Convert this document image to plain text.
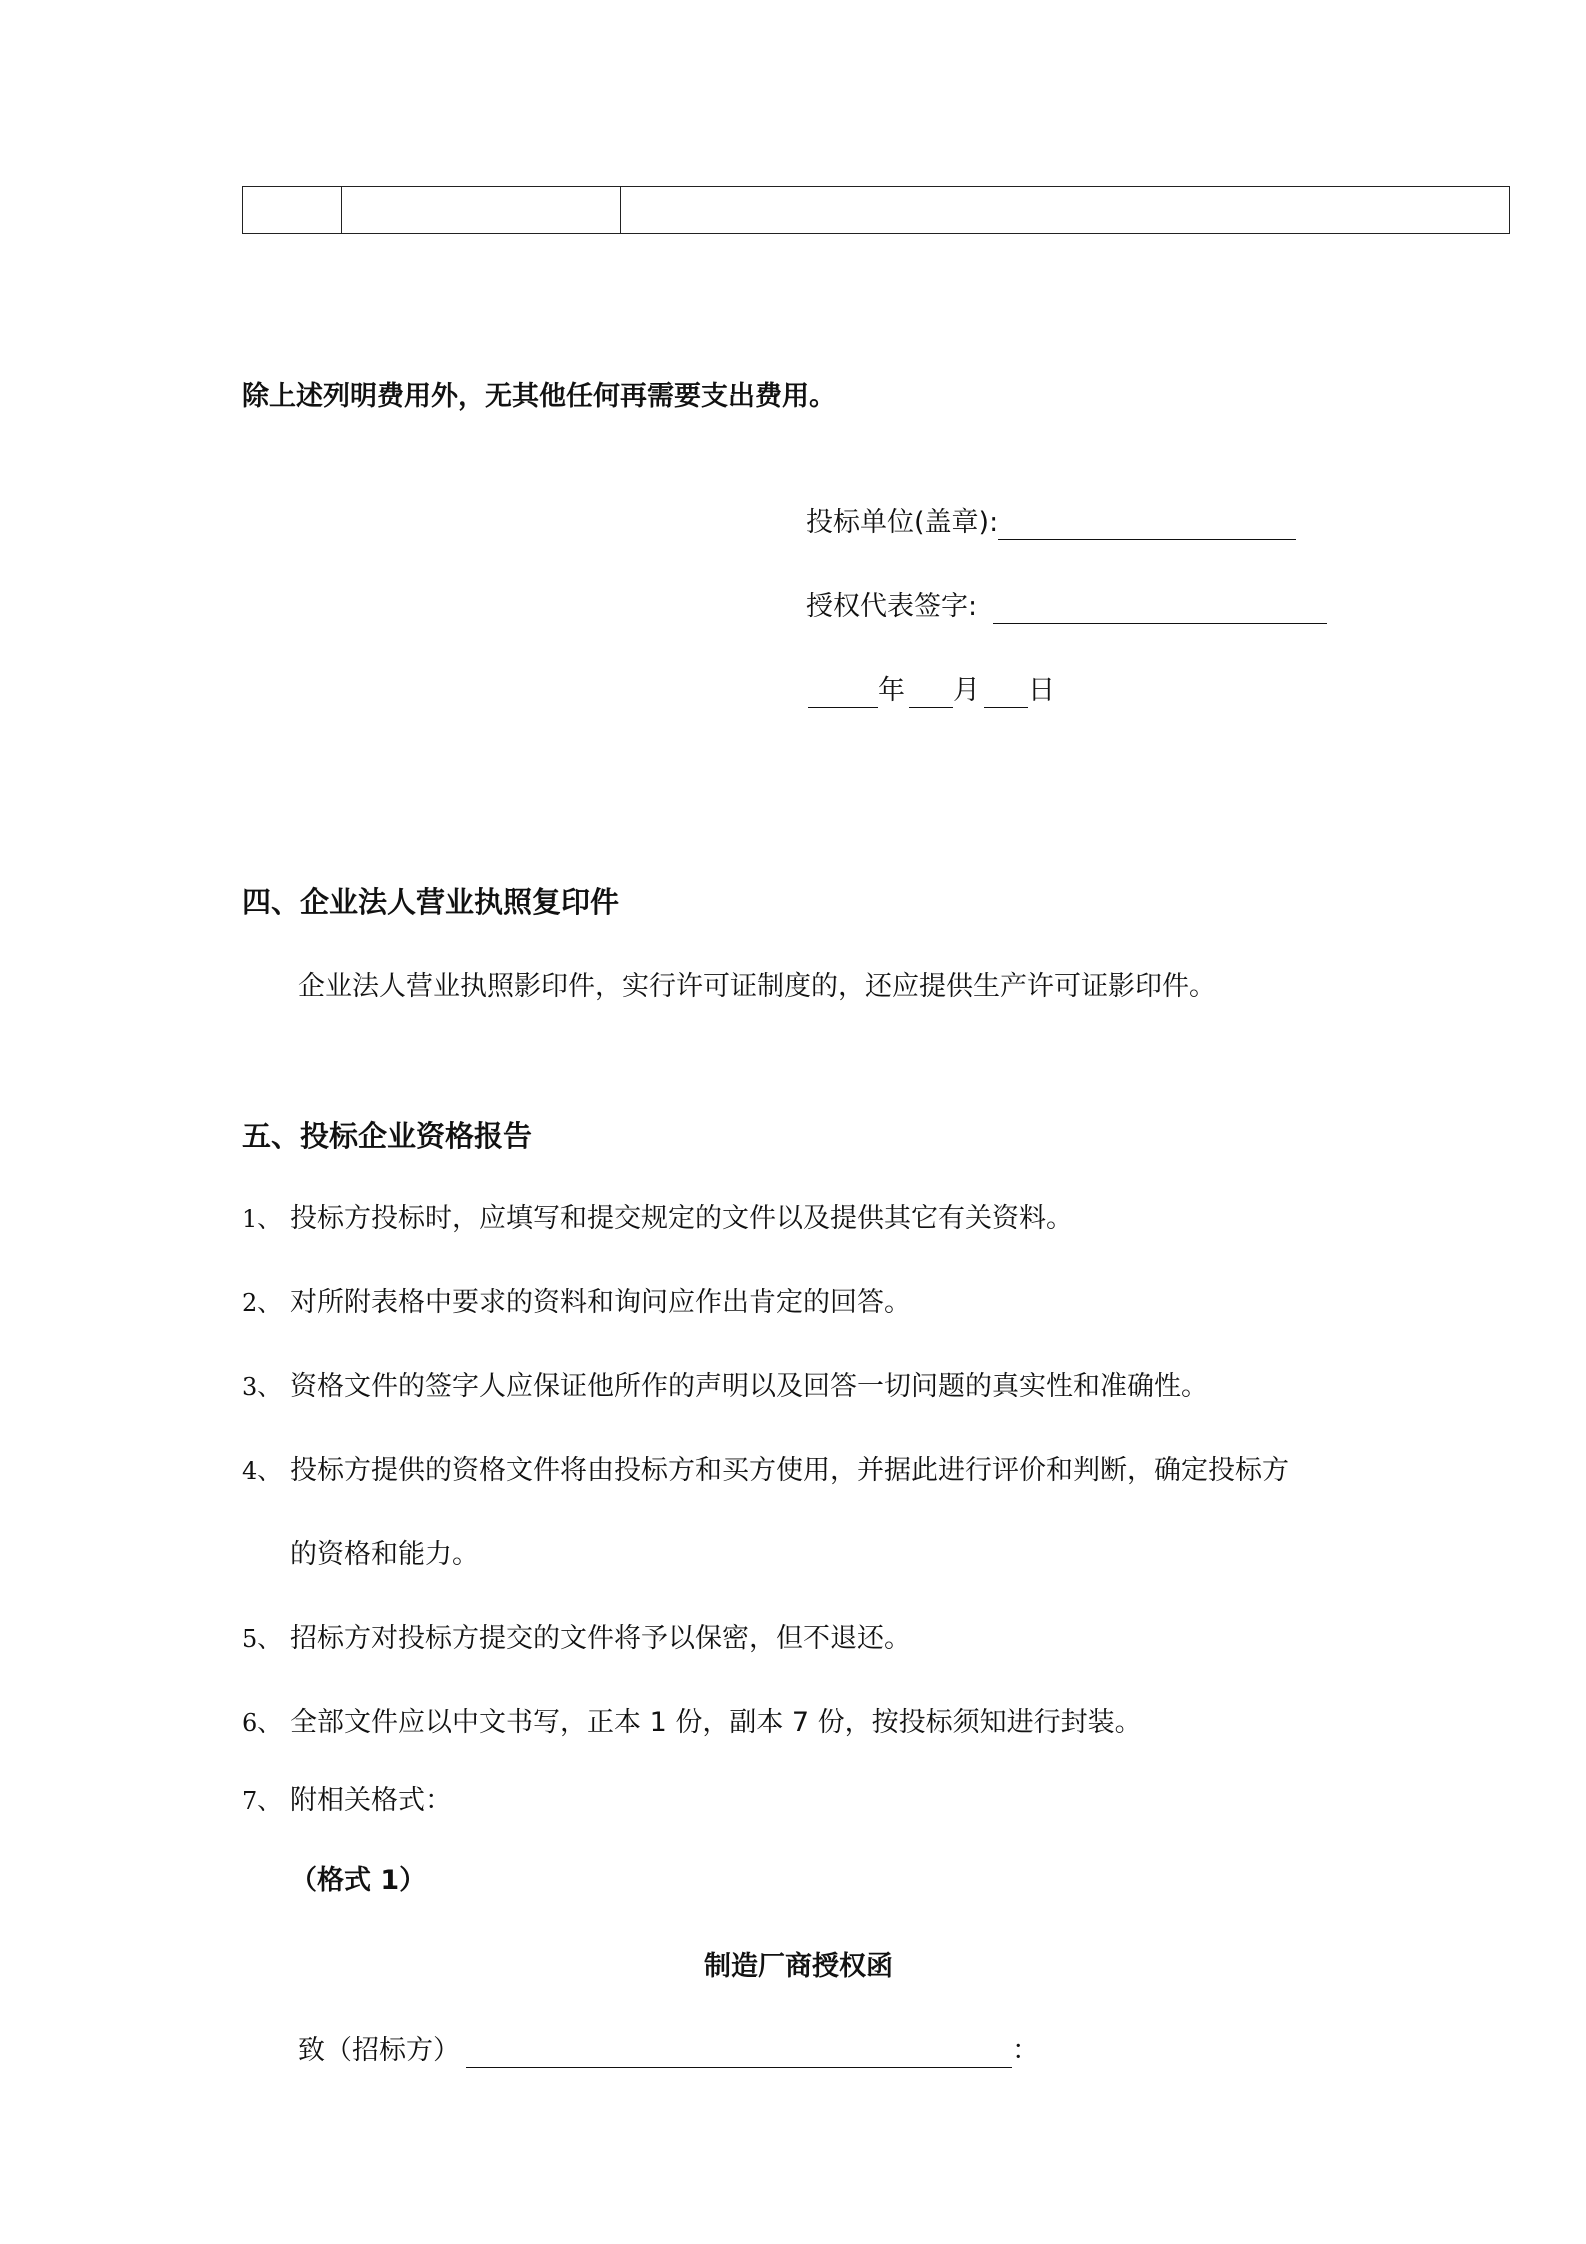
除上述列明费用外，无其他任何再需要支出费用。
投标单位(盖章):
授权代表签字:
年 月 日
四、企业法人营业执照复印件
企业法人营业执照影印件，实行许可证制度的，还应提供生产许可证影印件。
五、投标企业资格报告
1、 投标方投标时，应填写和提交规定的文件以及提供其它有关资料。
2、 对所附表格中要求的资料和询问应作出肯定的回答。
3、 资格文件的签字人应保证他所作的声明以及回答一切问题的真实性和准确性。
4、 投标方提供的资格文件将由投标方和买方使用，并据此进行评价和判断，确定投标方
的资格和能力。
5、 招标方对投标方提交的文件将予以保密，但不退还。
6、 全部文件应以中文书写，正本 1 份，副本 7 份，按投标须知进行封装。
7、 附相关格式：
（格式 1）
制造厂商授权函
致（招标方）	：
